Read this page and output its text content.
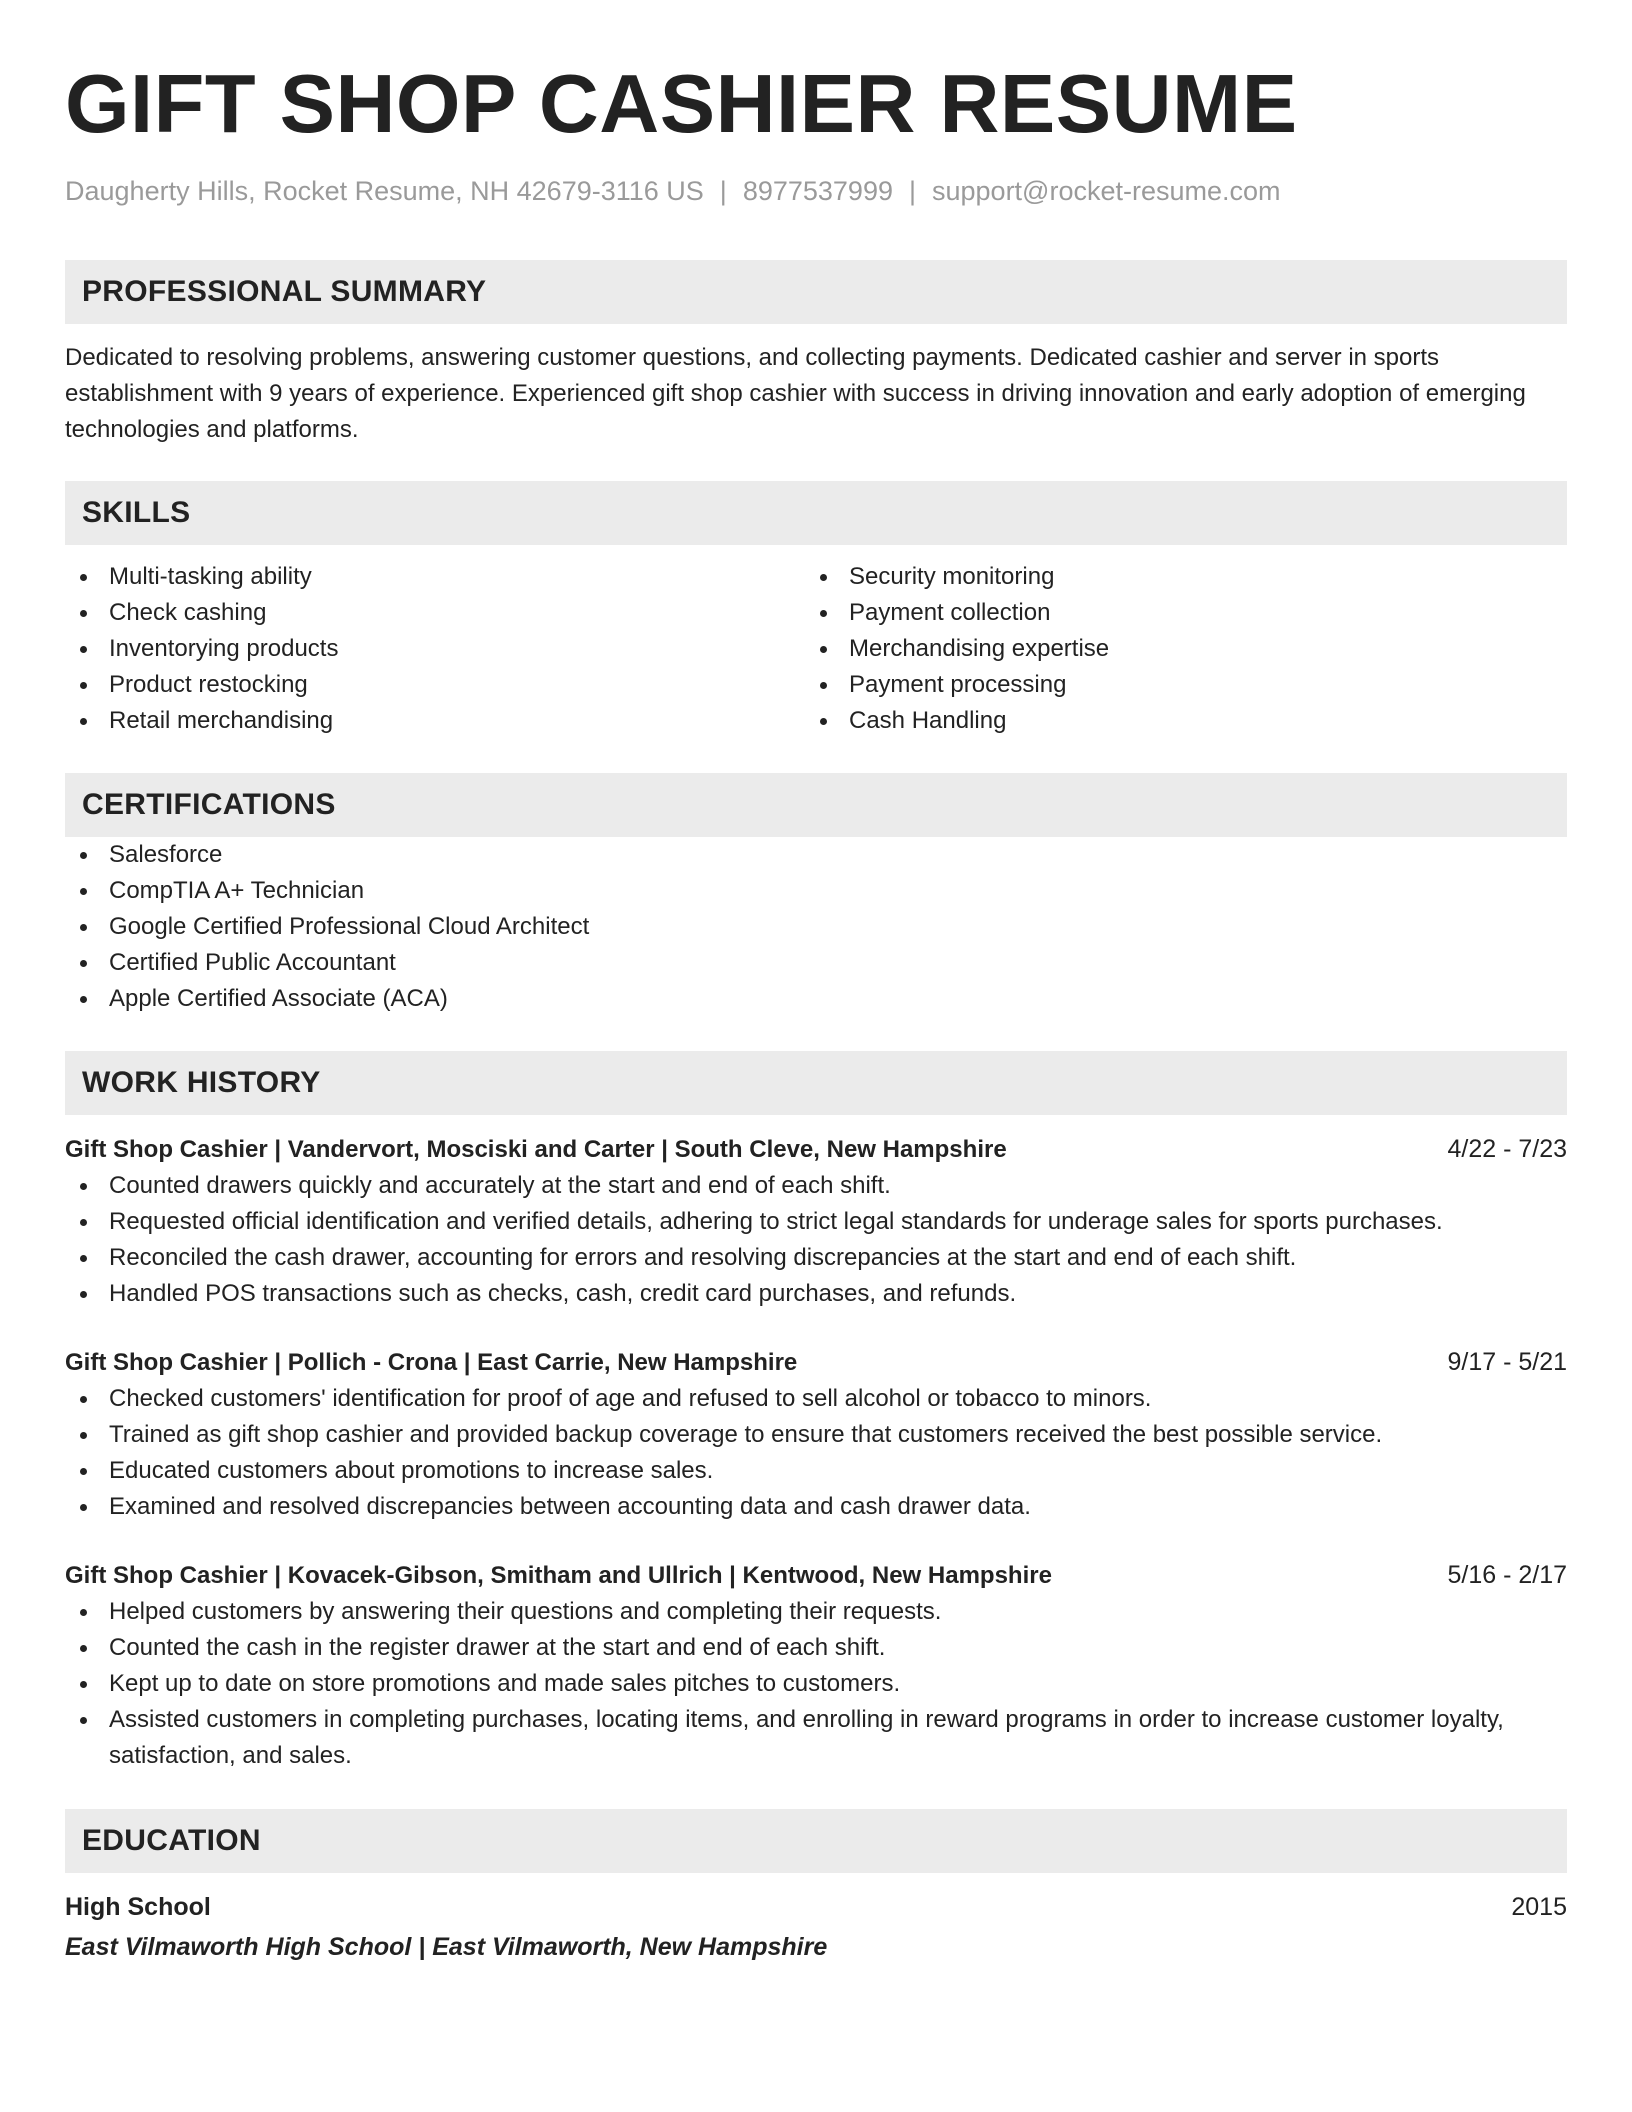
GIFT SHOP CASHIER RESUME
Daugherty Hills, Rocket Resume, NH 42679-3116 US | 8977537999 | support@rocket-resume.com
PROFESSIONAL SUMMARY
Dedicated to resolving problems, answering customer questions, and collecting payments. Dedicated cashier and server in sports establishment with 9 years of experience. Experienced gift shop cashier with success in driving innovation and early adoption of emerging technologies and platforms.
SKILLS
Multi-tasking ability
Check cashing
Inventorying products
Product restocking
Retail merchandising
Security monitoring
Payment collection
Merchandising expertise
Payment processing
Cash Handling
CERTIFICATIONS
Salesforce
CompTIA A+ Technician
Google Certified Professional Cloud Architect
Certified Public Accountant
Apple Certified Associate (ACA)
WORK HISTORY
Gift Shop Cashier | Vandervort, Mosciski and Carter | South Cleve, New Hampshire	4/22 - 7/23
Counted drawers quickly and accurately at the start and end of each shift.
Requested official identification and verified details, adhering to strict legal standards for underage sales for sports purchases.
Reconciled the cash drawer, accounting for errors and resolving discrepancies at the start and end of each shift.
Handled POS transactions such as checks, cash, credit card purchases, and refunds.
Gift Shop Cashier | Pollich - Crona | East Carrie, New Hampshire	9/17 - 5/21
Checked customers' identification for proof of age and refused to sell alcohol or tobacco to minors.
Trained as gift shop cashier and provided backup coverage to ensure that customers received the best possible service.
Educated customers about promotions to increase sales.
Examined and resolved discrepancies between accounting data and cash drawer data.
Gift Shop Cashier | Kovacek-Gibson, Smitham and Ullrich | Kentwood, New Hampshire	5/16 - 2/17
Helped customers by answering their questions and completing their requests.
Counted the cash in the register drawer at the start and end of each shift.
Kept up to date on store promotions and made sales pitches to customers.
Assisted customers in completing purchases, locating items, and enrolling in reward programs in order to increase customer loyalty, satisfaction, and sales.
EDUCATION
High School	2015
East Vilmaworth High School | East Vilmaworth, New Hampshire
